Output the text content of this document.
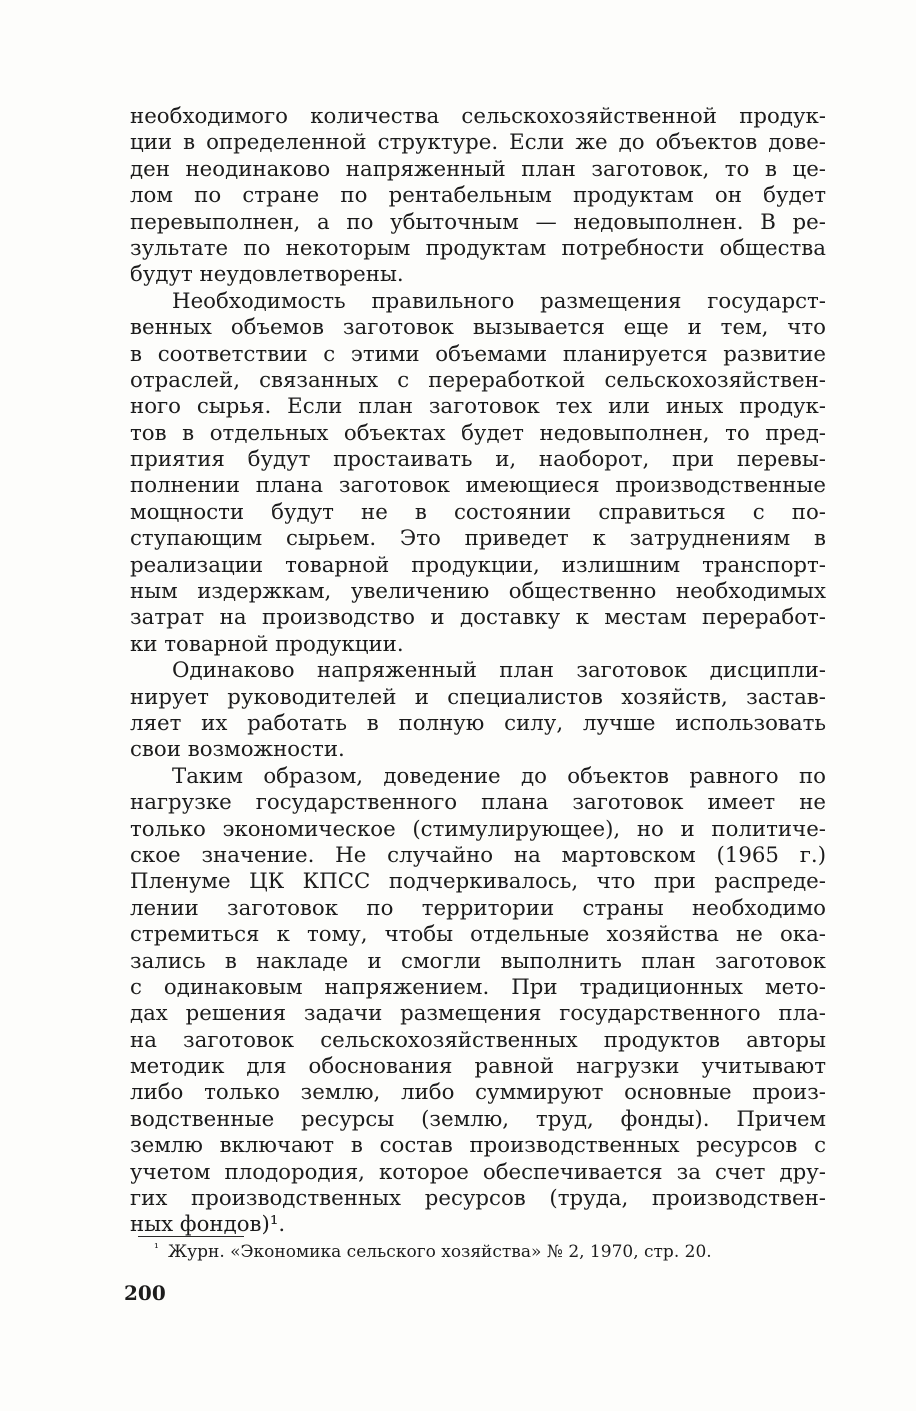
необходимого количества сельскохозяйственной продук-
ции в определенной структуре. Если же до объектов дове-
ден неодинаково напряженный план заготовок, то в це-
лом по стране по рентабельным продуктам он будет
перевыполнен, а по убыточным — недовыполнен. В ре-
зультате по некоторым продуктам потребности общества
будут неудовлетворены.
Необходимость правильного размещения государст-
венных объемов заготовок вызывается еще и тем, что
в соответствии с этими объемами планируется развитие
отраслей, связанных с переработкой сельскохозяйствен-
ного сырья. Если план заготовок тех или иных продук-
тов в отдельных объектах будет недовыполнен, то пред-
приятия будут простаивать и, наоборот, при перевы-
полнении плана заготовок имеющиеся производственные
мощности будут не в состоянии справиться с по-
ступающим сырьем. Это приведет к затруднениям в
реализации товарной продукции, излишним транспорт-
ным издержкам, увеличению общественно необходимых
затрат на производство и доставку к местам переработ-
ки товарной продукции.
Одинаково напряженный план заготовок дисципли-
нирует руководителей и специалистов хозяйств, застав-
ляет их работать в полную силу, лучше использовать
свои возможности.
Таким образом, доведение до объектов равного по
нагрузке государственного плана заготовок имеет не
только экономическое (стимулирующее), но и политиче-
ское значение. Не случайно на мартовском (1965 г.)
Пленуме ЦК КПСС подчеркивалось, что при распреде-
лении заготовок по территории страны необходимо
стремиться к тому, чтобы отдельные хозяйства не ока-
зались в накладе и смогли выполнить план заготовок
с одинаковым напряжением. При традиционных мето-
дах решения задачи размещения государственного пла-
на заготовок сельскохозяйственных продуктов авторы
методик для обоснования равной нагрузки учитывают
либо только землю, либо суммируют основные произ-
водственные ресурсы (землю, труд, фонды). Причем
землю включают в состав производственных ресурсов с
учетом плодородия, которое обеспечивается за счет дру-
гих производственных ресурсов (труда, производствен-
ных фондов)¹.
¹ Журн. «Экономика сельского хозяйства» № 2, 1970, стр. 20.
200
